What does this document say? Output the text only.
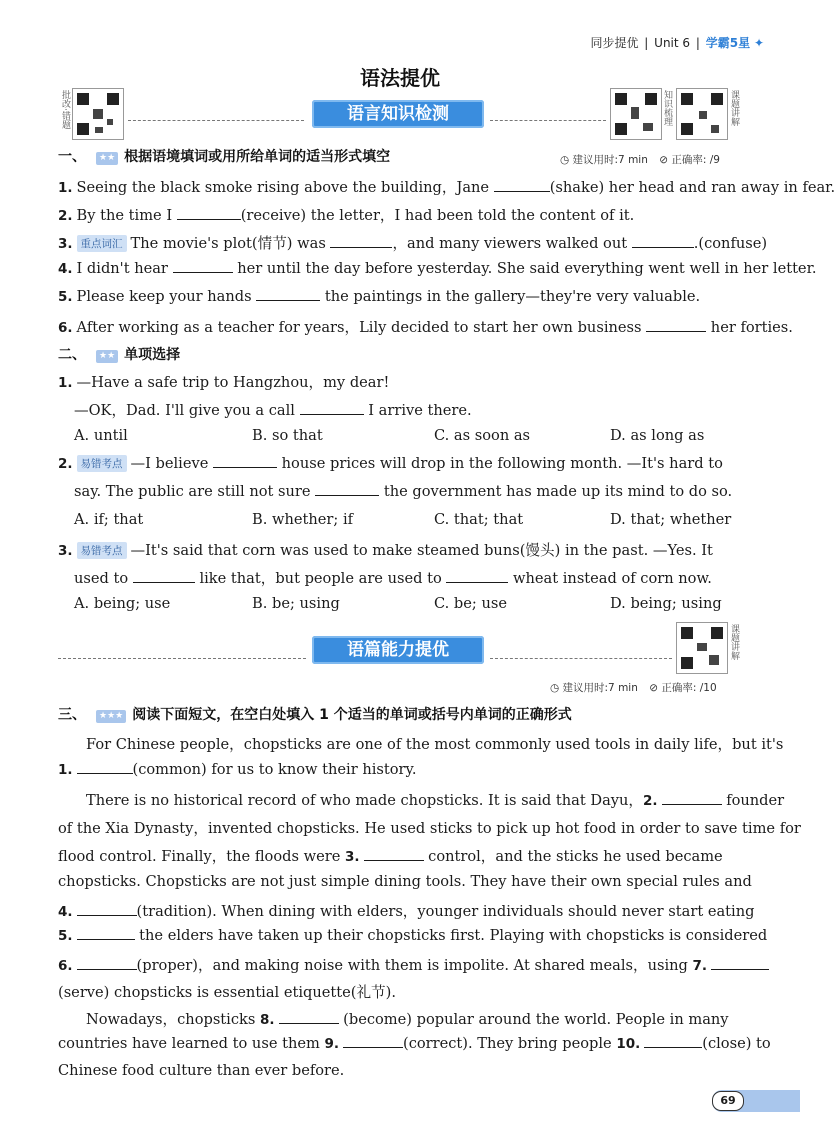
同步提优 | Unit 6 | 学霸5星 ✦
语法提优
批改·错题	知识梳理	课题讲解
语言知识检测
一、 ★★ 根据语境填词或用所给单词的适当形式填空	◷ 建议用时:7 min ⊘ 正确率: /9
1. Seeing the black smoke rising above the building，Jane	(shake) her head and ran away in fear.
2. By the time I	(receive) the letter，I had been told the content of it.
3. 重点词汇 The movie's plot(情节) was	，and many viewers walked out	.(confuse)
4. I didn't hear	her until the day before yesterday. She said everything went well in her letter.
5. Please keep your hands	the paintings in the gallery—they're very valuable.
6. After working as a teacher for years，Lily decided to start her own business	her forties.
二、 ★★ 单项选择
1. —Have a safe trip to Hangzhou，my dear!
—OK，Dad. I'll give you a call	I arrive there.
A. until	B. so that	C. as soon as	D. as long as
2. 易错考点 —I believe	house prices will drop in the following month. —It's hard to
say. The public are still not sure	the government has made up its mind to do so.
A. if; that	B. whether; if	C. that; that	D. that; whether
3. 易错考点 —It's said that corn was used to make steamed buns(馒头) in the past. —Yes. It
used to	like that，but people are used to	wheat instead of corn now.
A. being; use	B. be; using	C. be; use	D. being; using
语篇能力提优	课题讲解
◷ 建议用时:7 min ⊘ 正确率: /10
三、 ★★★ 阅读下面短文，在空白处填入 1 个适当的单词或括号内单词的正确形式
For Chinese people，chopsticks are one of the most commonly used tools in daily life，but it's
1.	(common) for us to know their history.
There is no historical record of who made chopsticks. It is said that Dayu，2.	founder
of the Xia Dynasty，invented chopsticks. He used sticks to pick up hot food in order to save time for
flood control. Finally，the floods were 3.	control，and the sticks he used became
chopsticks. Chopsticks are not just simple dining tools. They have their own special rules and
4.	(tradition). When dining with elders，younger individuals should never start eating
5.	the elders have taken up their chopsticks first. Playing with chopsticks is considered
6.	(proper)，and making noise with them is impolite. At shared meals，using 7.
(serve) chopsticks is essential etiquette(礼节).
Nowadays，chopsticks 8.	(become) popular around the world. People in many
countries have learned to use them 9.	(correct). They bring people 10.	(close) to
Chinese food culture than ever before.
69
